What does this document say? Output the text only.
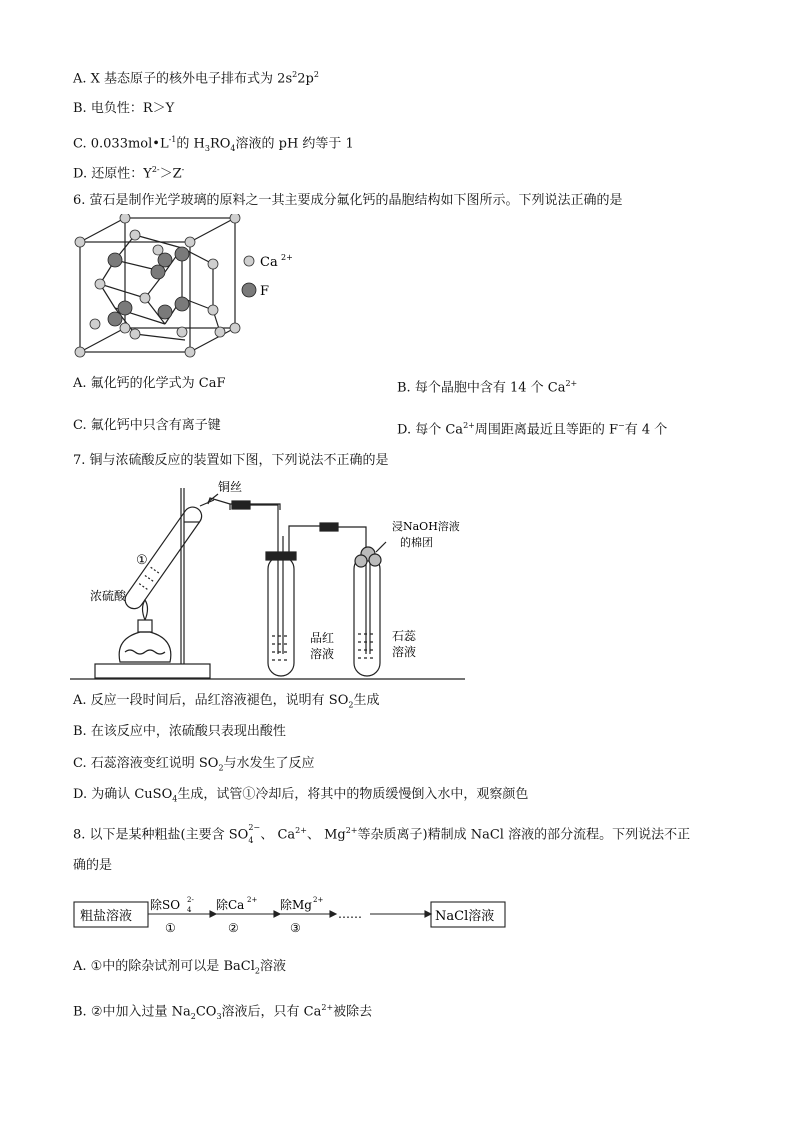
A. X 基态原子的核外电子排布式为 $2s^22p^2$
B. 电负性：R＞Y
C. $0.033mol•L^{-1}$的 $H_3RO_4$溶液的 pH 约等于 1
D. 还原性：$Y^{2-}>Z^-$
6. 萤石是制作光学玻璃的原料之一其主要成分氟化钙的晶胞结构如下图所示。下列说法正确的是
Ca 2+
F
A. 氟化钙的化学式为 CaF	B. 每个晶胞中含有 14 个 $Ca^{2+}$
C. 氟化钙中只含有离子键	D. 每个 $Ca^{2+}$周围距离最近且等距的 F−有 4 个
7. 铜与浓硫酸反应的装置如下图，下列说法不正确的是
铜丝
①
浓硫酸
浸NaOH溶液
的棉团
品红
溶液
石蕊
溶液
A. 反应一段时间后，品红溶液褪色，说明有 $SO_2$生成
B. 在该反应中，浓硫酸只表现出酸性
C. 石蕊溶液变红说明 $SO_2$与水发生了反应
D. 为确认 CuSO$_4$生成，试管①冷却后，将其中的物质缓慢倒入水中，观察颜色
8. 以下是某种粗盐(主要含 SO 2−
4 、 $Ca^{2+}$、 $Mg^{2+}$等杂质离子)精制成 NaCl 溶液的部分流程。下列说法不正
确的是
粗盐溶液
除SO 2-
4
①
除Ca 2+
②
除Mg 2+
③
……	NaCl溶液
A. ①中的除杂试剂可以是 BaCl$_2$溶液
B. ②中加入过量 $Na_2CO_3$溶液后，只有 $Ca^{2+}$被除去
